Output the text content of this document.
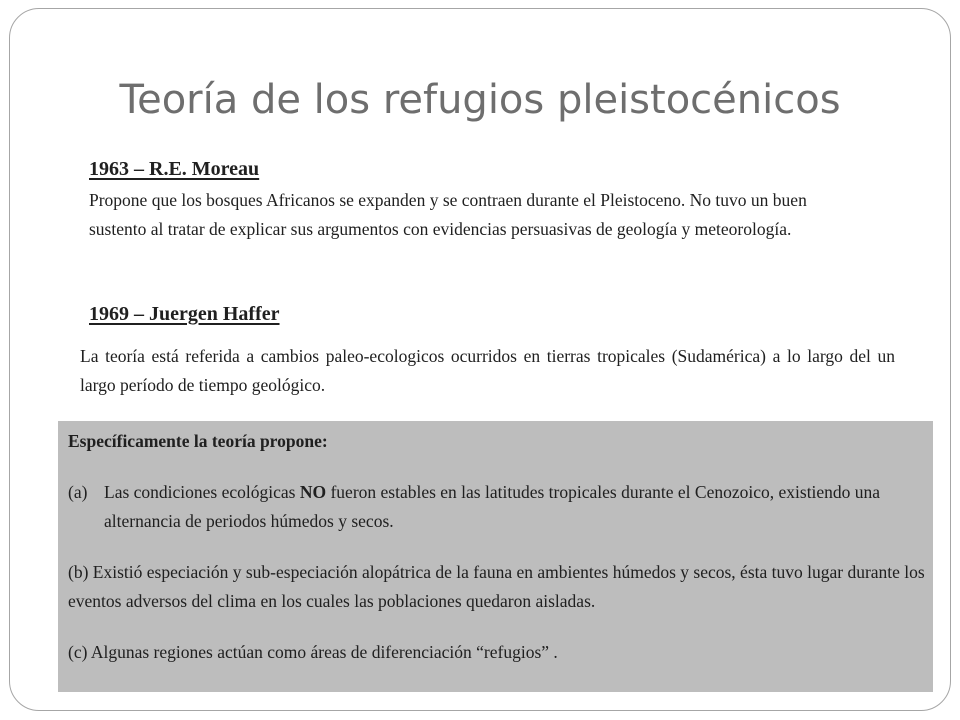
Teoría de los refugios pleistocénicos
1963 – R.E. Moreau
Propone que los bosques Africanos se expanden y se contraen durante el Pleistoceno. No tuvo un buen sustento al tratar de explicar sus argumentos con evidencias persuasivas de geología y meteorología.
1969 – Juergen Haffer
La teoría está referida a cambios paleo-ecologicos ocurridos en tierras tropicales (Sudamérica) a lo largo del un largo período de tiempo geológico.
Específicamente la teoría propone:
(a) Las condiciones ecológicas NO fueron estables en las latitudes tropicales durante el Cenozoico, existiendo una alternancia de periodos húmedos y secos.
(b) Existió especiación y sub-especiación alopátrica de la fauna en ambientes húmedos y secos, ésta tuvo lugar durante los eventos adversos del clima en los cuales las poblaciones quedaron aisladas.
(c) Algunas regiones actúan como áreas de diferenciación “refugios” .
